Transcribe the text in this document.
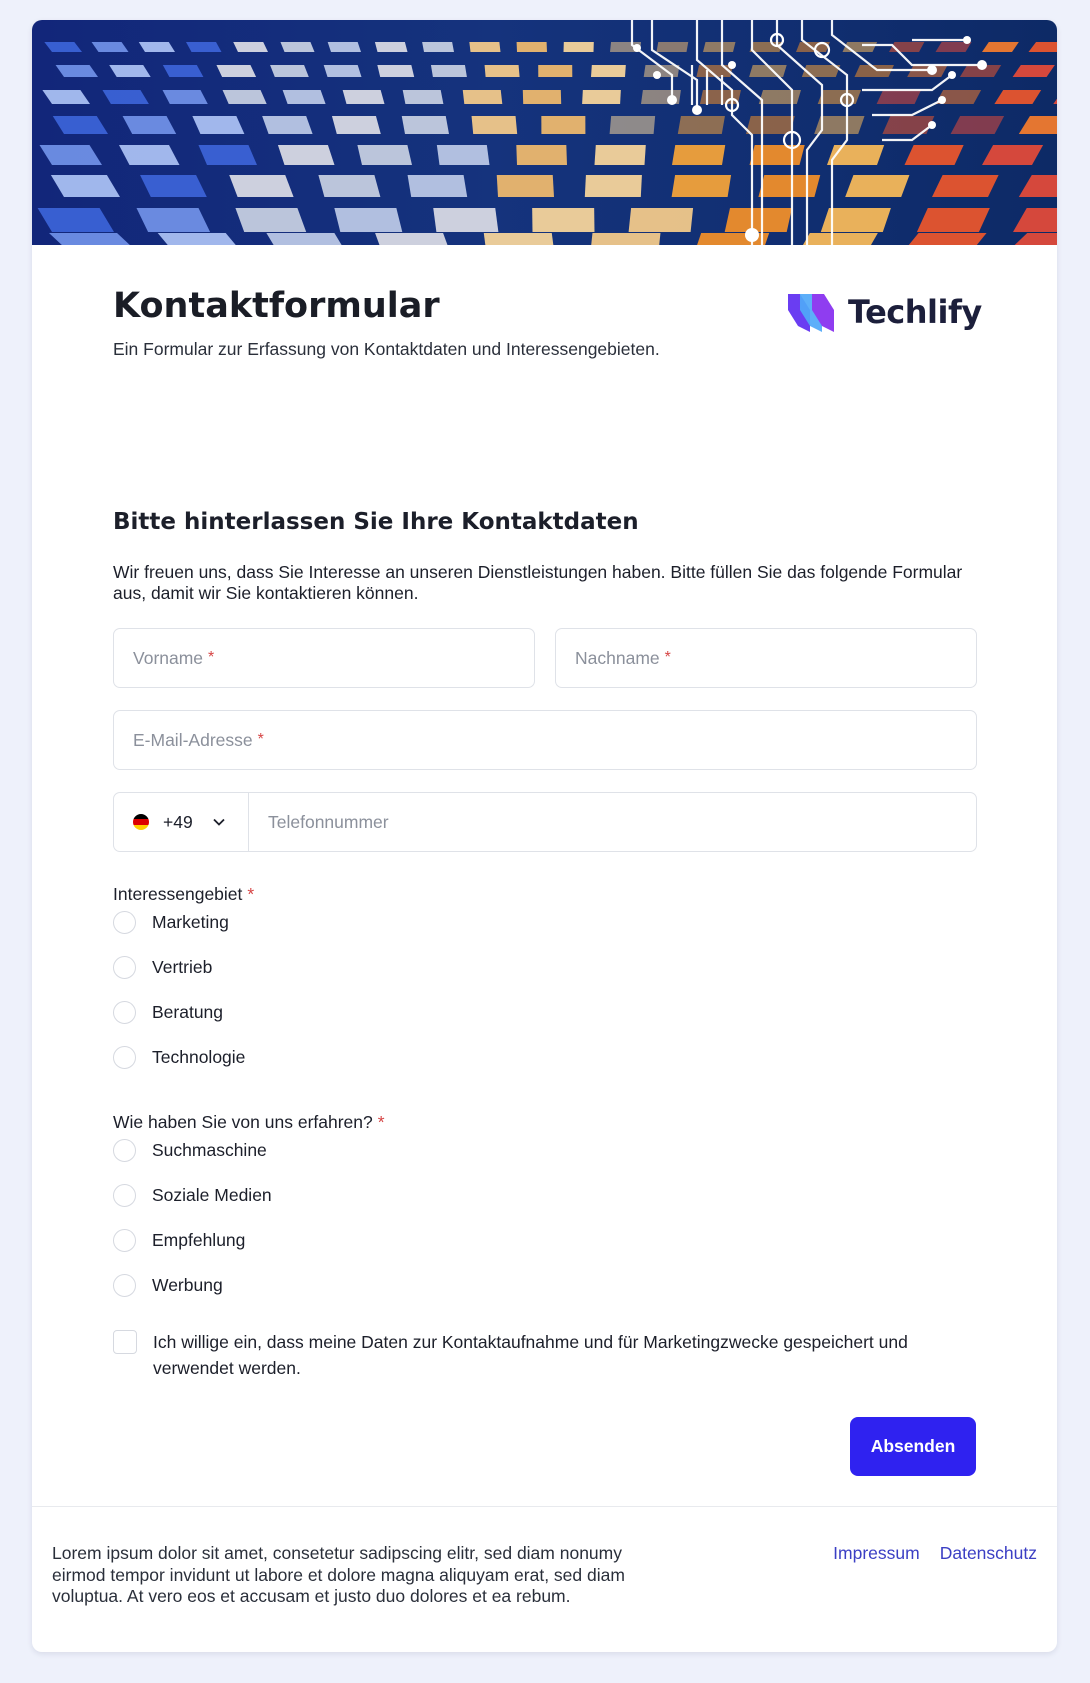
Kontaktformular
Ein Formular zur Erfassung von Kontaktdaten und Interessengebieten.
Techlify
Bitte hinterlassen Sie Ihre Kontaktdaten
Wir freuen uns, dass Sie Interesse an unseren Dienstleistungen haben. Bitte füllen Sie das folgende Formular aus, damit wir Sie kontaktieren können.
Vorname *	Nachname *
E-Mail-Adresse *
+49	Telefonnummer
Interessengebiet *
Marketing
Vertrieb
Beratung
Technologie
Wie haben Sie von uns erfahren? *
Suchmaschine
Soziale Medien
Empfehlung
Werbung
Ich willige ein, dass meine Daten zur Kontaktaufnahme und für Marketingzwecke gespeichert und verwendet werden.
Absenden
Lorem ipsum dolor sit amet, consetetur sadipscing elitr, sed diam nonumy eirmod tempor invidunt ut labore et dolore magna aliquyam erat, sed diam voluptua. At vero eos et accusam et justo duo dolores et ea rebum.
Impressum Datenschutz
